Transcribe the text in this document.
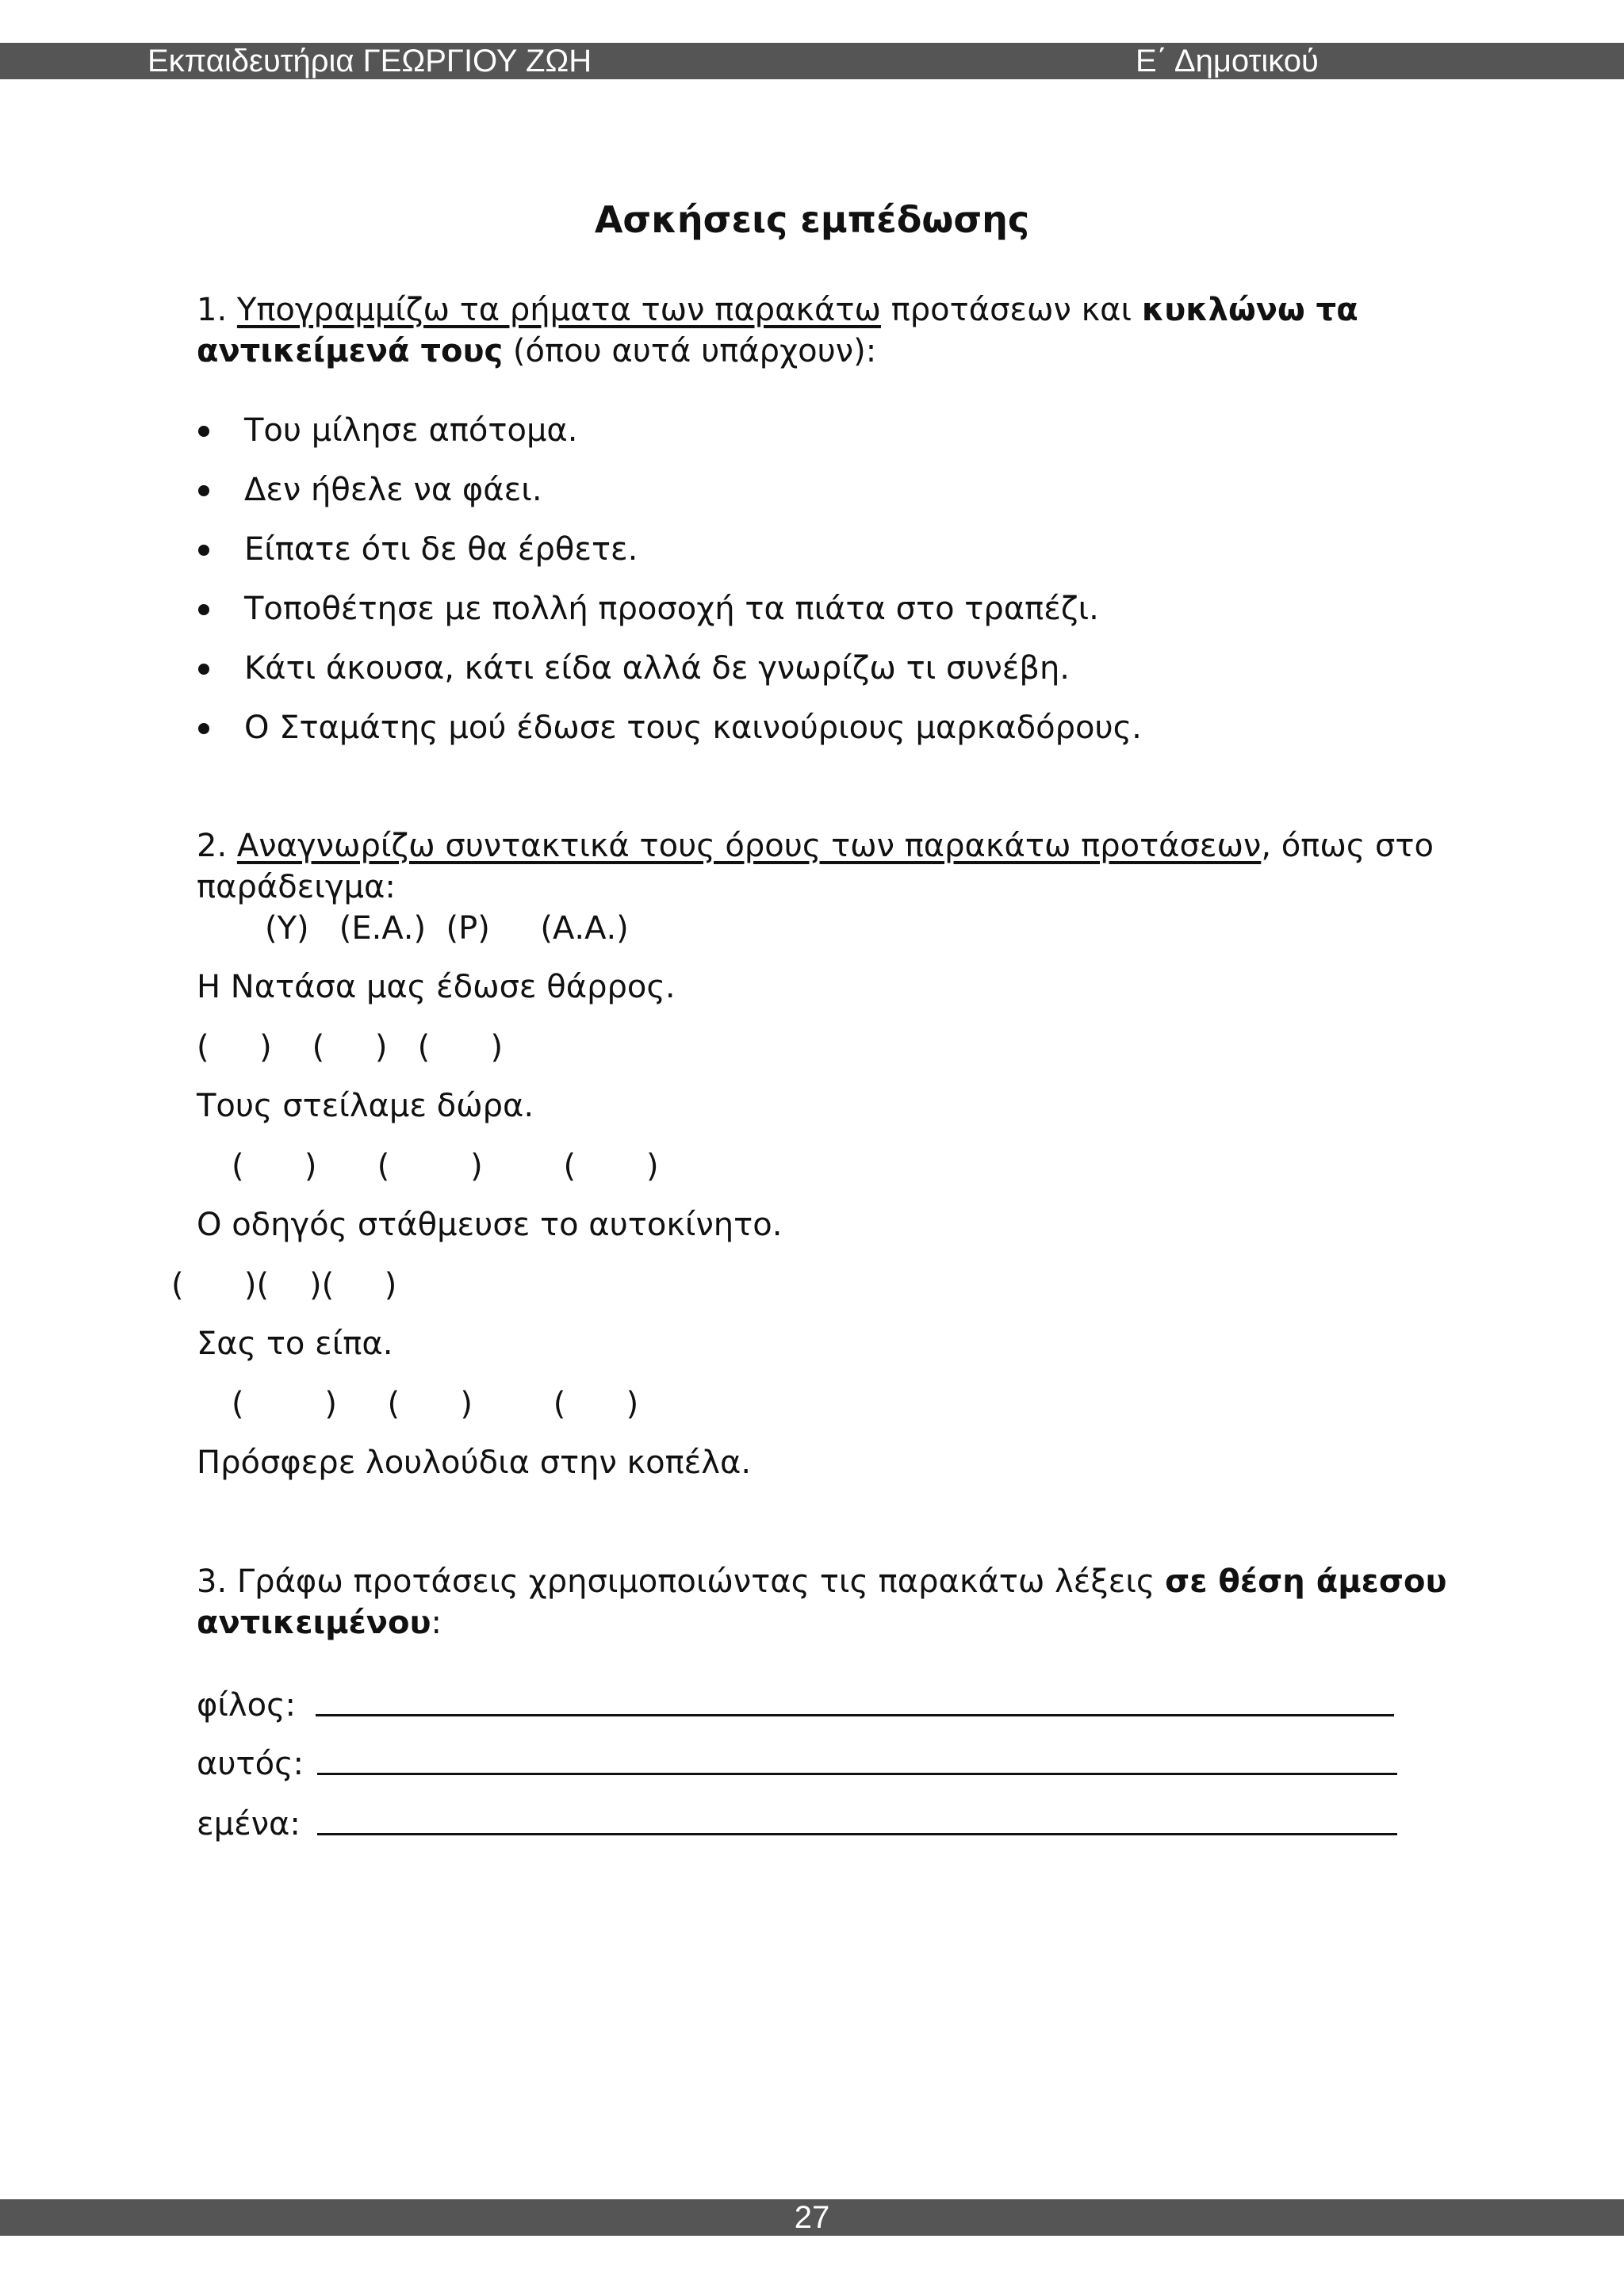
Εκπαιδευτήρια ΓΕΩΡΓΙΟΥ ΖΩΗ	Ε΄ Δημοτικού
Ασκήσεις εμπέδωσης
1. Υπογραμμίζω τα ρήματα των παρακάτω προτάσεων και κυκλώνω τα
αντικείμενά τους (όπου αυτά υπάρχουν):
Του μίλησε απότομα.
Δεν ήθελε να φάει.
Είπατε ότι δε θα έρθετε.
Τοποθέτησε με πολλή προσοχή τα πιάτα στο τραπέζι.
Κάτι άκουσα, κάτι είδα αλλά δε γνωρίζω τι συνέβη.
Ο Σταμάτης μού έδωσε τους καινούριους μαρκαδόρους.
2. Αναγνωρίζω συντακτικά τους όρους των παρακάτω προτάσεων, όπως στο
παράδειγμα:
(Υ)   (Ε.Α.)  (Ρ)     (Α.Α.)
Η Νατάσα μας έδωσε θάρρος.
(     )    (     )   (      )
Τους στείλαμε δώρα.
(      )      (        )        (       )
Ο οδηγός στάθμευσε το αυτοκίνητο.
(      )(    )(     )
Σας το είπα.
(        )     (      )        (      )
Πρόσφερε λουλούδια στην κοπέλα.
3. Γράφω προτάσεις χρησιμοποιώντας τις παρακάτω λέξεις σε θέση άμεσου
αντικειμένου:
φίλος:
αυτός:
εμένα:
27
